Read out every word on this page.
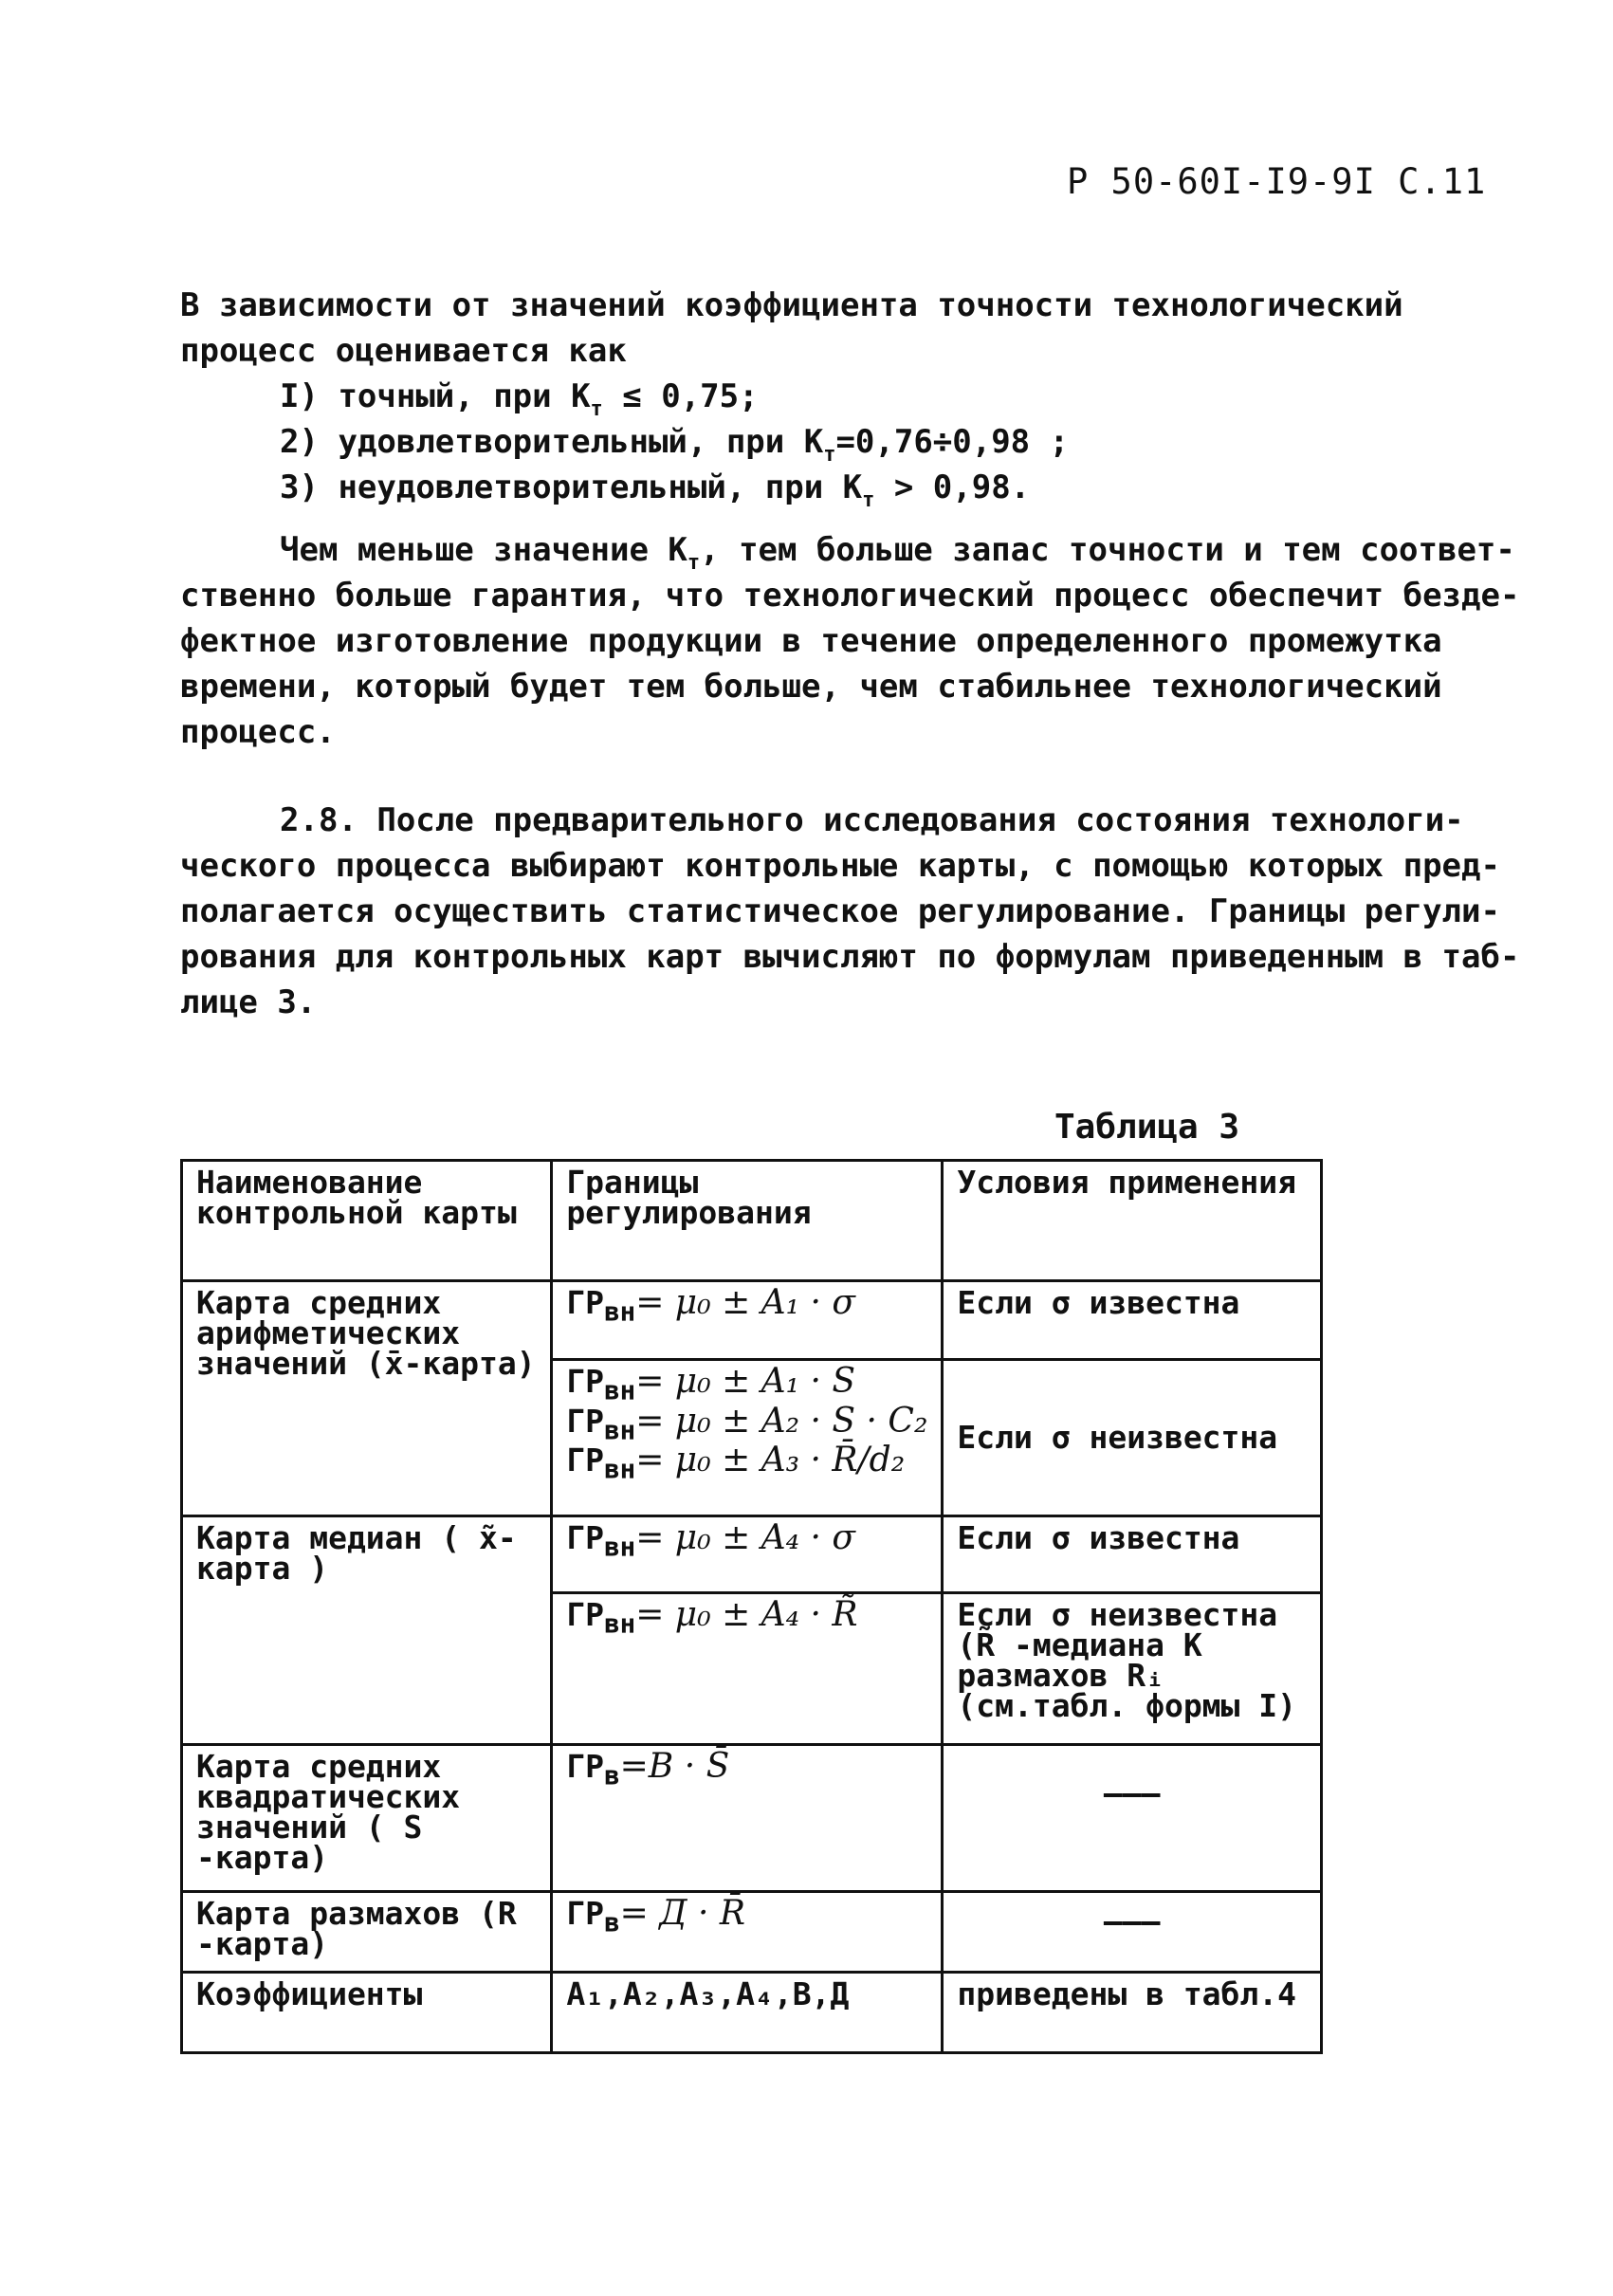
Р 50-60I-I9-9I С.11
В зависимости от значений коэффициента точности технологический
процесс оценивается как
I) точный, при $К_т \le 0,75$;
2) удовлетворительный, при $К_т=0,76\div 0,98$ ;
3) неудовлетворительный, при $К_т > 0,98$.
Чем меньше значение $К_т$, тем больше запас точности и тем соответ-
ственно больше гарантия, что технологический процесс обеспечит безде-
фектное изготовление продукции в течение определенного промежутка
времени, который будет тем больше, чем стабильнее технологический
процесс.
2.8. После предварительного исследования состояния технологи-
ческого процесса выбирают контрольные карты, с помощью которых пред-
полагается осуществить статистическое регулирование. Границы регули-
рования для контрольных карт вычисляют по формулам приведенным в таб-
лице 3.
Таблица 3
Наименование контрольной карты	Границы регулирования	Условия применения
Карта средних арифметических значений (x̄-карта)	$ГР_{вн}= \mu_0 \pm A_1 \cdot \sigma$	Если σ известна

	$ГР_{вн}= \mu_0 \pm A_1 \cdot S$
$ГР_{вн}= \mu_0 \pm A_2 \cdot S \cdot C_2$
$ГР_{вн}= \mu_0 \pm A_3$ · R̄/d₂	Если σ неизвестна
Карта медиан ( x̃-карта )	$ГР_{вн}= \mu_0 \pm A_4 \cdot \sigma$	Если σ известна

	$ГР_{вн}= \mu_0 \pm A_4$ · R̃	Если σ неизвестна (R̃ -медиана К размахов Rᵢ (см.табл. формы I)
Карта средних квадратических значений ( S -карта)	$ГР_в=B$ · S̄	———

Карта размахов (R -карта)	$ГР_в= Д$ · R̄	———

Коэффициенты	A₁,A₂,A₃,A₄,B,Д	приведены в табл.4
